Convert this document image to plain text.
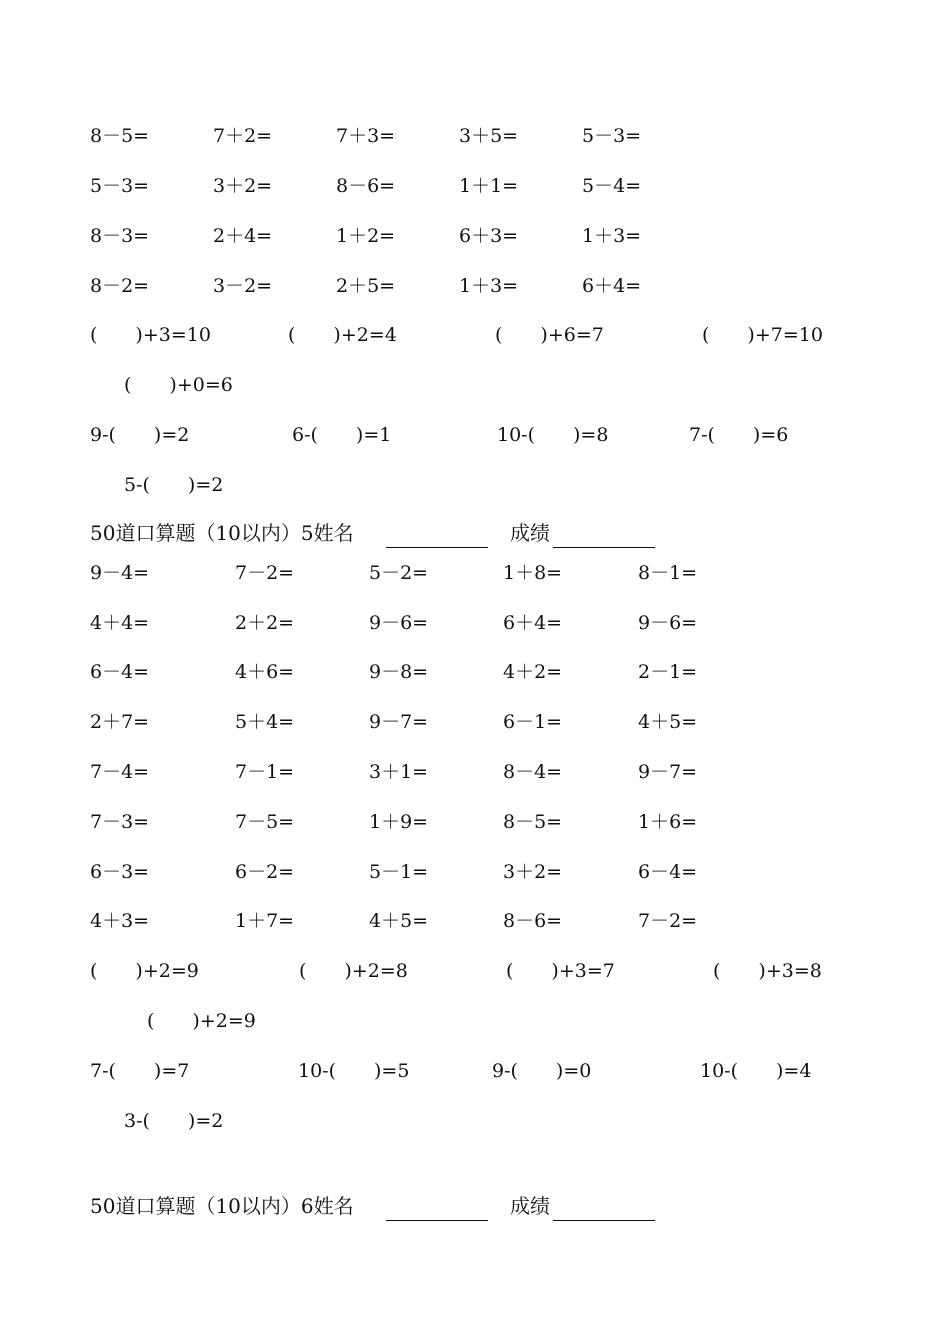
8－5=	7＋2=	7＋3=	3＋5=	5－3=
5－3=	3＋2=	8－6=	1＋1=	5－4=
8－3=	2＋4=	1＋2=	6＋3=	1＋3=
8－2=	3－2=	2＋5=	1＋3=	6＋4=
(　　)+3=10	(　　)+2=4	(　　)+6=7	(　　)+7=10
(　　)+0=6
9-(　　)=2	6-(　　)=1	10-(　　)=8	7-(　　)=6
5-(　　)=2
50道口算题（10以内）5姓名	成绩
9－4=	7－2=	5－2=	1＋8=	8－1=
4＋4=	2＋2=	9－6=	6＋4=	9－6=
6－4=	4＋6=	9－8=	4＋2=	2－1=
2＋7=	5＋4=	9－7=	6－1=	4＋5=
7－4=	7－1=	3＋1=	8－4=	9－7=
7－3=	7－5=	1＋9=	8－5=	1＋6=
6－3=	6－2=	5－1=	3＋2=	6－4=
4＋3=	1＋7=	4＋5=	8－6=	7－2=
(　　)+2=9	(　　)+2=8	(　　)+3=7	(　　)+3=8
(　　)+2=9
7-(　　)=7	10-(　　)=5	9-(　　)=0	10-(　　)=4
3-(　　)=2
50道口算题（10以内）6姓名	成绩
